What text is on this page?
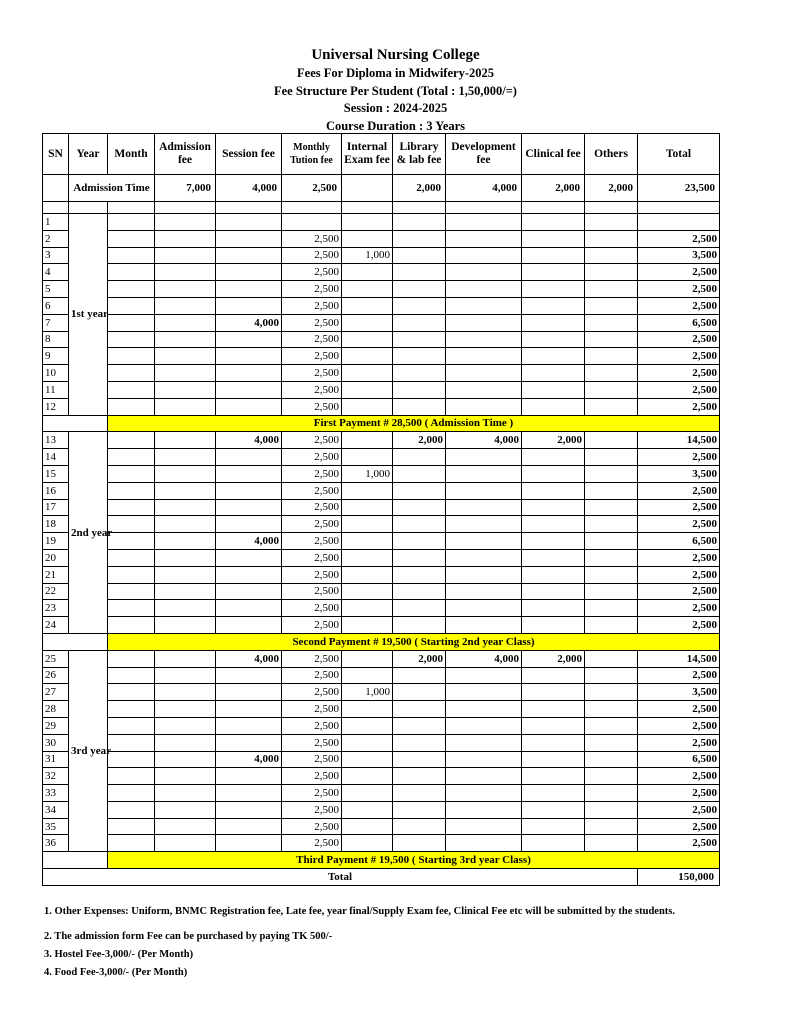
Universal Nursing College
Fees For Diploma in Midwifery-2025
Fee Structure Per Student (Total : 1,50,000/=)
Session : 2024-2025
Course Duration : 3 Years
SN	Year	Month	Admission fee	Session fee	Monthly Tution fee	Internal Exam fee	Library & lab fee	Development fee	Clinical fee	Others	Total
	Admission Time		7,000	4,000	2,500		2,000	4,000	2,000	2,000	23,500

1	1st year										
2					2,500						2,500
3					2,500	1,000					3,500
4					2,500						2,500
5					2,500						2,500
6					2,500						2,500
7				4,000	2,500						6,500
8					2,500						2,500
9					2,500						2,500
10					2,500						2,500
11					2,500						2,500
12					2,500						2,500
		First Payment # 28,500 ( Admission Time )									
13	2nd year			4,000	2,500		2,000	4,000	2,000		14,500
14					2,500						2,500
15					2,500	1,000					3,500
16					2,500						2,500
17					2,500						2,500
18					2,500						2,500
19				4,000	2,500						6,500
20					2,500						2,500
21					2,500						2,500
22					2,500						2,500
23					2,500						2,500
24					2,500						2,500
		Second Payment # 19,500 ( Starting 2nd year Class)									
25	3rd year			4,000	2,500		2,000	4,000	2,000		14,500
26					2,500						2,500
27					2,500	1,000					3,500
28					2,500						2,500
29					2,500						2,500
30					2,500						2,500
31				4,000	2,500						6,500
32					2,500						2,500
33					2,500						2,500
34					2,500						2,500
35					2,500						2,500
36					2,500						2,500
		Third Payment # 19,500 ( Starting 3rd year Class)									
Total											150,000

1. Other Expenses: Uniform, BNMC Registration fee, Late fee, year final/Supply Exam fee, Clinical Fee etc will be submitted by the students.

2. The admission form Fee can be purchased by paying TK 500/-

3. Hostel Fee-3,000/- (Per Month)

4. Food Fee-3,000/- (Per Month)
